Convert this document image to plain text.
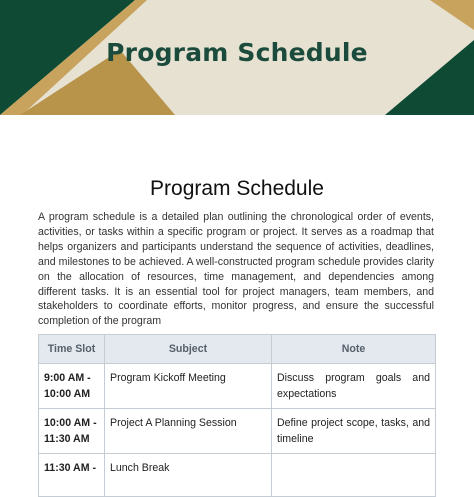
Program Schedule
Program Schedule

A program schedule is a detailed plan outlining the chronological order of events, activities, or tasks within a specific program or project. It serves as a roadmap that helps organizers and participants understand the sequence of activities, deadlines, and milestones to be achieved. A well-constructed program schedule provides clarity on the allocation of resources, time management, and dependencies among different tasks. It is an essential tool for project managers, team members, and stakeholders to coordinate efforts, monitor progress, and ensure the successful completion of the program

Time Slot	Subject	Note
9:00 AM - 10:00 AM	Program Kickoff Meeting	Discuss program goals and expectations
10:00 AM - 11:30 AM	Project A Planning Session	Define project scope, tasks, and timeline
11:30 AM -	Lunch Break	
